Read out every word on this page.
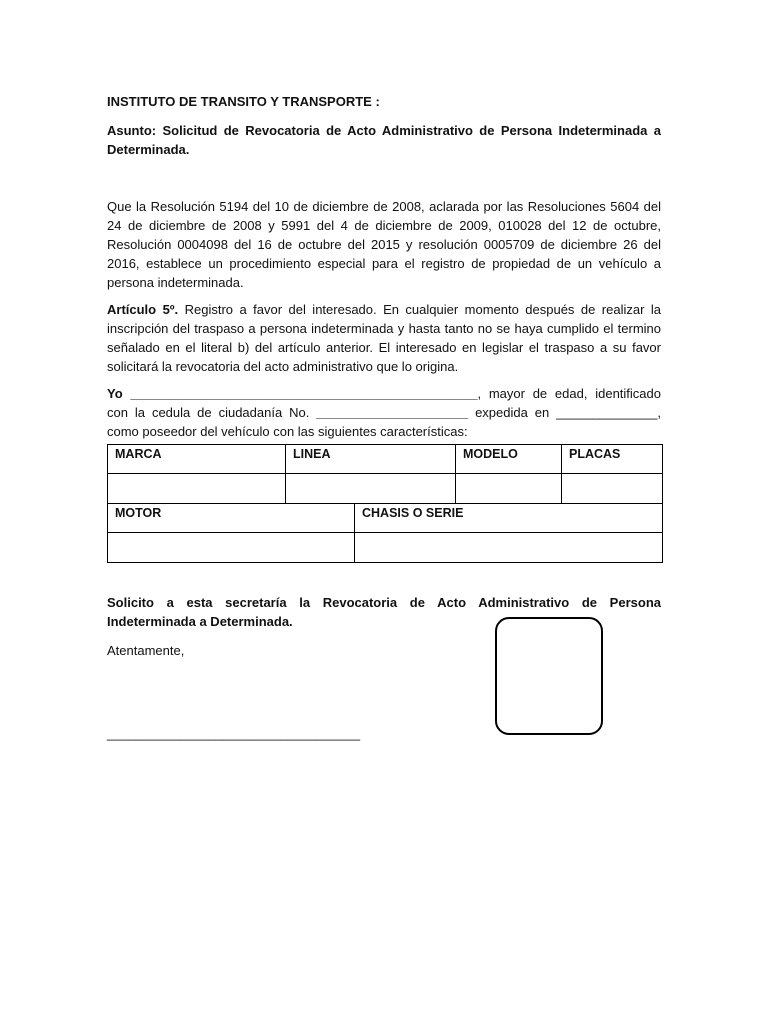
INSTITUTO DE TRANSITO Y TRANSPORTE :

Asunto: Solicitud de Revocatoria de Acto Administrativo de Persona Indeterminada a Determinada.

Que la Resolución 5194 del 10 de diciembre de 2008, aclarada por las Resoluciones 5604 del 24 de diciembre de 2008 y 5991 del 4 de diciembre de 2009, 010028 del 12 de octubre, Resolución 0004098 del 16 de octubre del 2015 y resolución 0005709 de diciembre 26 del 2016, establece un procedimiento especial para el registro de propiedad de un vehículo a persona indeterminada.

Artículo 5º. Registro a favor del interesado. En cualquier momento después de realizar la inscripción del traspaso a persona indeterminada y hasta tanto no se haya cumplido el termino señalado en el literal b) del artículo anterior. El interesado en legislar el traspaso a su favor solicitará la revocatoria del acto administrativo que lo origina.

Yo ________________________________________________, mayor de edad, identificado con la cedula de ciudadanía No. _____________________ expedida en ______________, como poseedor del vehículo con las siguientes características:

MARCA	LINEA		MODELO	PLACAS

MOTOR		CHASIS O SERIE		

Solicito a esta secretaría la Revocatoria de Acto Administrativo de Persona Indeterminada a Determinada.

Atentamente,

___________________________________
